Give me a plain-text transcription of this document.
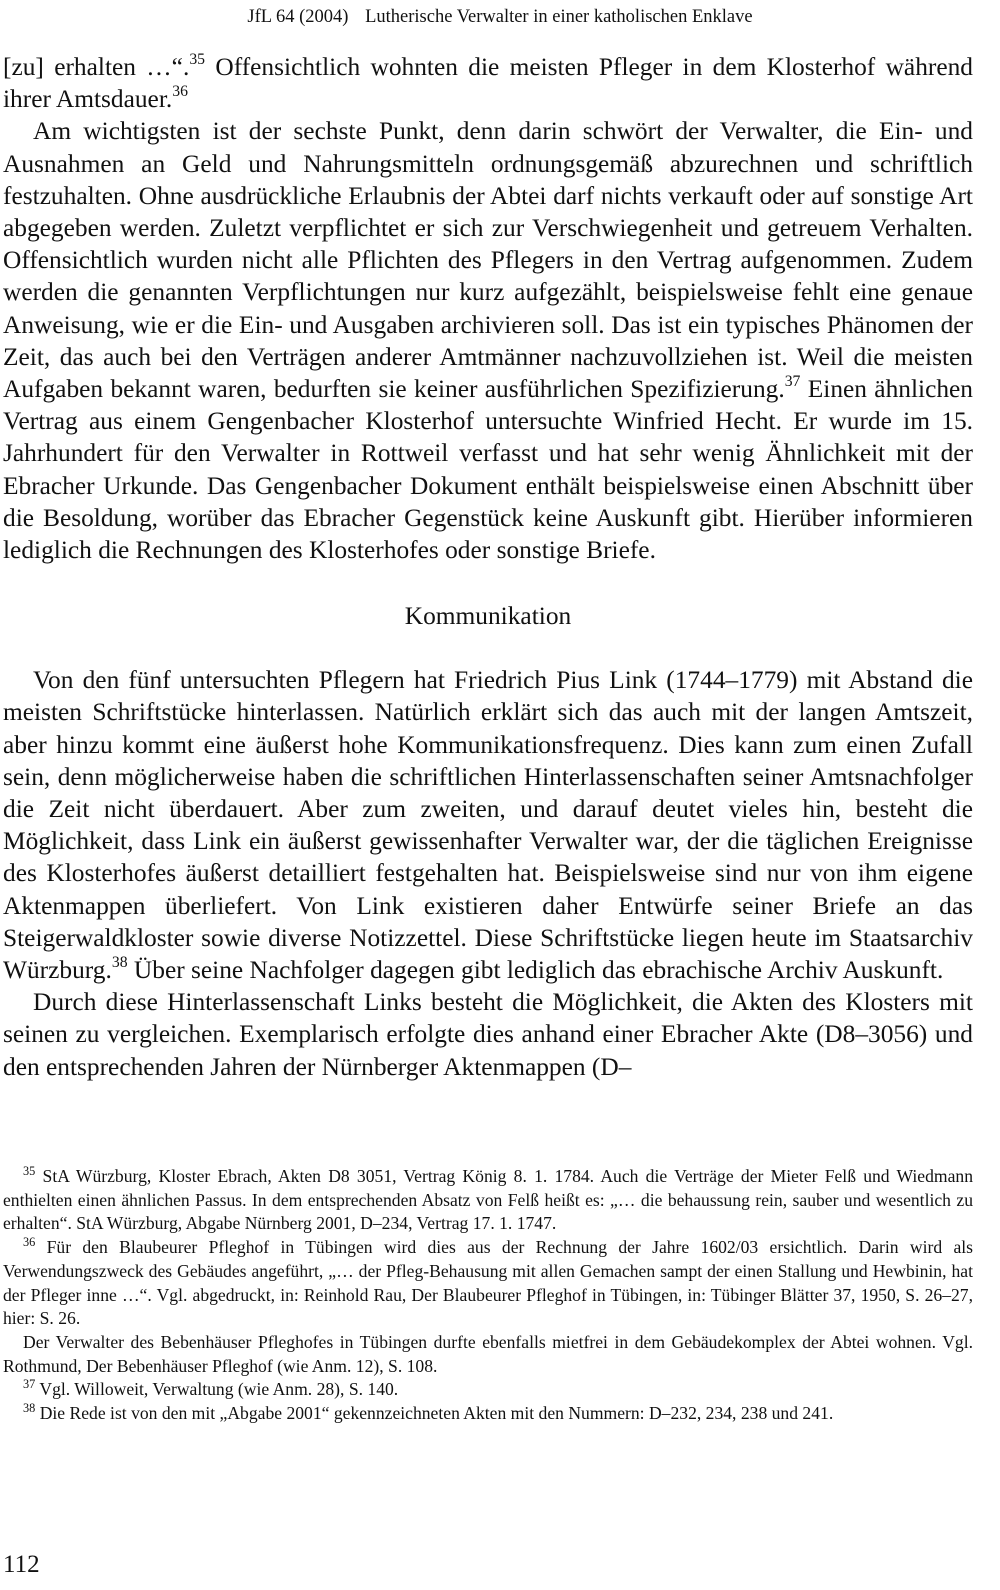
JfL 64 (2004) Lutherische Verwalter in einer katholischen Enklave

[zu] erhalten …“.$^{35}$ Offensichtlich wohnten die meisten Pfleger in dem Klosterhof während ihrer Amtsdauer.$^{36}$

Am wichtigsten ist der sechste Punkt, denn darin schwört der Verwalter, die Ein- und Ausnahmen an Geld und Nahrungsmitteln ordnungsgemäß abzurechnen und schriftlich festzuhalten. Ohne ausdrückliche Erlaubnis der Abtei darf nichts verkauft oder auf sonstige Art abgegeben werden. Zuletzt verpflichtet er sich zur Verschwiegenheit und getreuem Verhalten. Offensichtlich wurden nicht alle Pflichten des Pflegers in den Vertrag aufgenommen. Zudem werden die genannten Verpflichtungen nur kurz aufgezählt, beispielsweise fehlt eine genaue Anweisung, wie er die Ein- und Ausgaben archivieren soll. Das ist ein typisches Phänomen der Zeit, das auch bei den Verträgen anderer Amtmänner nachzuvollziehen ist. Weil die meisten Aufgaben bekannt waren, bedurften sie keiner ausführlichen Spezifizierung.$^{37}$ Einen ähnlichen Vertrag aus einem Gengenbacher Klosterhof untersuchte Winfried Hecht. Er wurde im 15. Jahrhundert für den Verwalter in Rottweil verfasst und hat sehr wenig Ähnlichkeit mit der Ebracher Urkunde. Das Gengenbacher Dokument enthält beispielsweise einen Abschnitt über die Besoldung, worüber das Ebracher Gegenstück keine Auskunft gibt. Hierüber informieren lediglich die Rechnungen des Klosterhofes oder sonstige Briefe.

Kommunikation

Von den fünf untersuchten Pflegern hat Friedrich Pius Link (1744–1779) mit Abstand die meisten Schriftstücke hinterlassen. Natürlich erklärt sich das auch mit der langen Amtszeit, aber hinzu kommt eine äußerst hohe Kommunikationsfrequenz. Dies kann zum einen Zufall sein, denn möglicherweise haben die schriftlichen Hinterlassenschaften seiner Amtsnachfolger die Zeit nicht überdauert. Aber zum zweiten, und darauf deutet vieles hin, besteht die Möglichkeit, dass Link ein äußerst gewissenhafter Verwalter war, der die täglichen Ereignisse des Klosterhofes äußerst detailliert festgehalten hat. Beispielsweise sind nur von ihm eigene Aktenmappen überliefert. Von Link existieren daher Entwürfe seiner Briefe an das Steigerwaldkloster sowie diverse Notizzettel. Diese Schriftstücke liegen heute im Staatsarchiv Würzburg.$^{38}$ Über seine Nachfolger dagegen gibt lediglich das ebrachische Archiv Auskunft.

Durch diese Hinterlassenschaft Links besteht die Möglichkeit, die Akten des Klosters mit seinen zu vergleichen. Exemplarisch erfolgte dies anhand einer Ebracher Akte (D8–3056) und den entsprechenden Jahren der Nürnberger Aktenmappen (D–

$^{35}$ StA Würzburg, Kloster Ebrach, Akten D8 3051, Vertrag König 8. 1. 1784. Auch die Verträge der Mieter Felß und Wiedmann enthielten einen ähnlichen Passus. In dem entsprechenden Absatz von Felß heißt es: „… die behaussung rein, sauber und wesentlich zu erhalten“. StA Würzburg, Abgabe Nürnberg 2001, D–234, Vertrag 17. 1. 1747.

$^{36}$ Für den Blaubeurer Pfleghof in Tübingen wird dies aus der Rechnung der Jahre 1602/03 ersichtlich. Darin wird als Verwendungszweck des Gebäudes angeführt, „… der Pfleg-Behausung mit allen Gemachen sampt der einen Stallung und Hewbinin, hat der Pfleger inne …“. Vgl. abgedruckt, in: Reinhold Rau, Der Blaubeurer Pfleghof in Tübingen, in: Tübinger Blätter 37, 1950, S. 26–27, hier: S. 26.

Der Verwalter des Bebenhäuser Pfleghofes in Tübingen durfte ebenfalls mietfrei in dem Gebäudekomplex der Abtei wohnen. Vgl. Rothmund, Der Bebenhäuser Pfleghof (wie Anm. 12), S. 108.

$^{37}$ Vgl. Willoweit, Verwaltung (wie Anm. 28), S. 140.

$^{38}$ Die Rede ist von den mit „Abgabe 2001“ gekennzeichneten Akten mit den Nummern: D–232, 234, 238 und 241.

112
